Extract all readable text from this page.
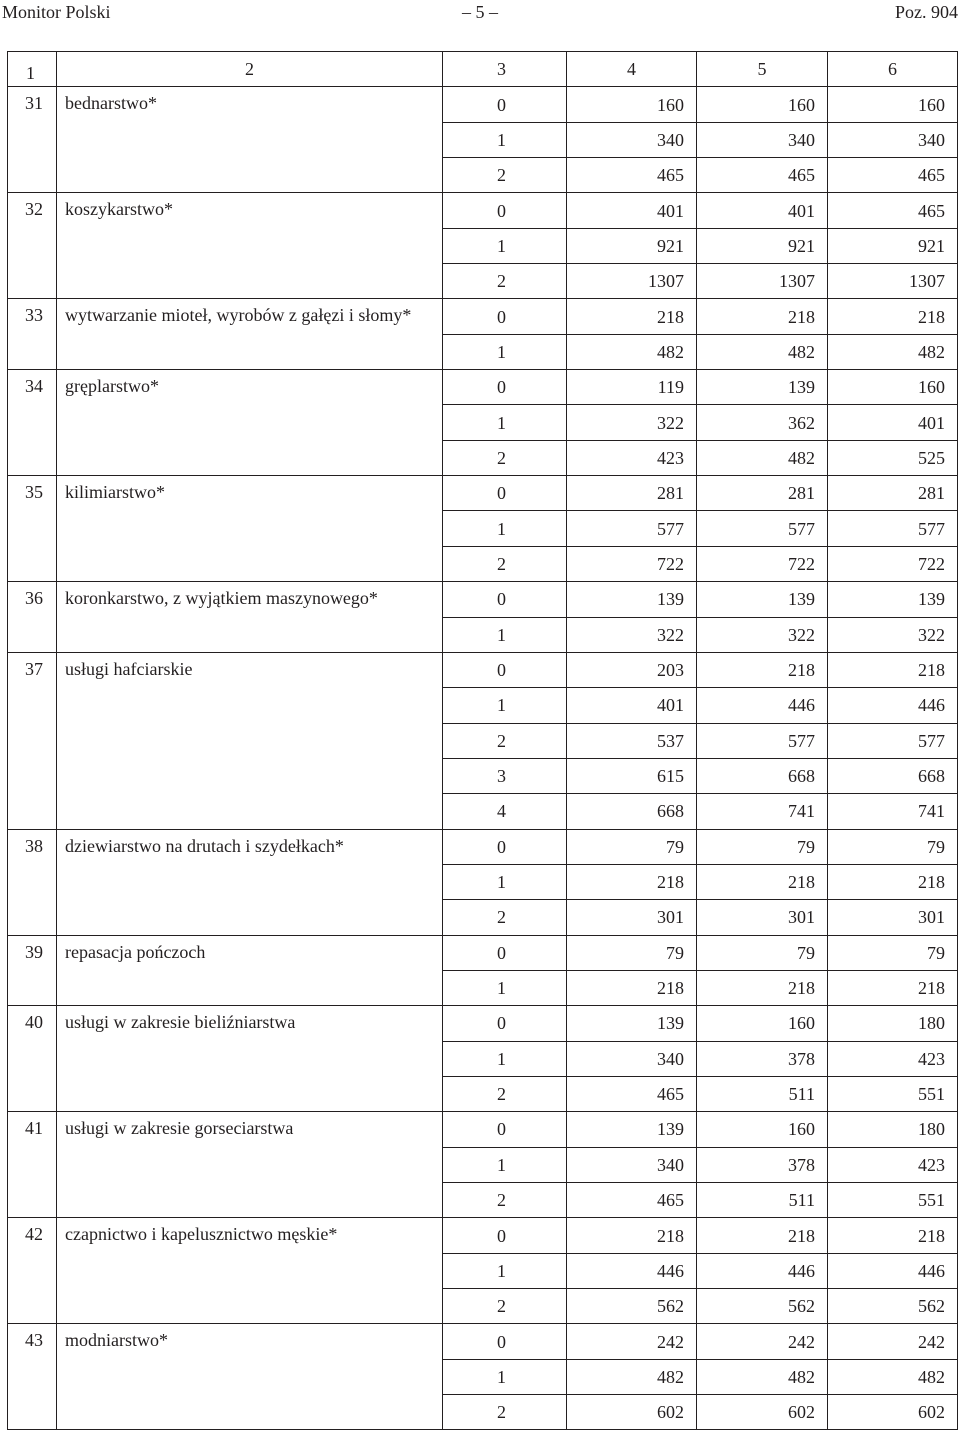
Monitor Polski	– 5 –	Poz. 904
1	2	3	4	5	6
31	bednarstwo*	0	160	160	160
		1	340	340	340
		2	465	465	465
32	koszykarstwo*	0	401	401	465
		1	921	921	921
		2	1307	1307	1307
33	wytwarzanie mioteł, wyrobów z gałęzi i słomy*	0	218	218	218
		1	482	482	482
34	gręplarstwo*	0	119	139	160
		1	322	362	401
		2	423	482	525
35	kilimiarstwo*	0	281	281	281
		1	577	577	577
		2	722	722	722
36	koronkarstwo, z wyjątkiem maszynowego*	0	139	139	139
		1	322	322	322
37	usługi hafciarskie	0	203	218	218
		1	401	446	446
		2	537	577	577
		3	615	668	668
		4	668	741	741
38	dziewiarstwo na drutach i szydełkach*	0	79	79	79
		1	218	218	218
		2	301	301	301
39	repasacja pończoch	0	79	79	79
		1	218	218	218
40	usługi w zakresie bieliźniarstwa	0	139	160	180
		1	340	378	423
		2	465	511	551
41	usługi w zakresie gorseciarstwa	0	139	160	180
		1	340	378	423
		2	465	511	551
42	czapnictwo i kapelusznictwo męskie*	0	218	218	218
		1	446	446	446
		2	562	562	562
43	modniarstwo*	0	242	242	242
		1	482	482	482
		2	602	602	602
